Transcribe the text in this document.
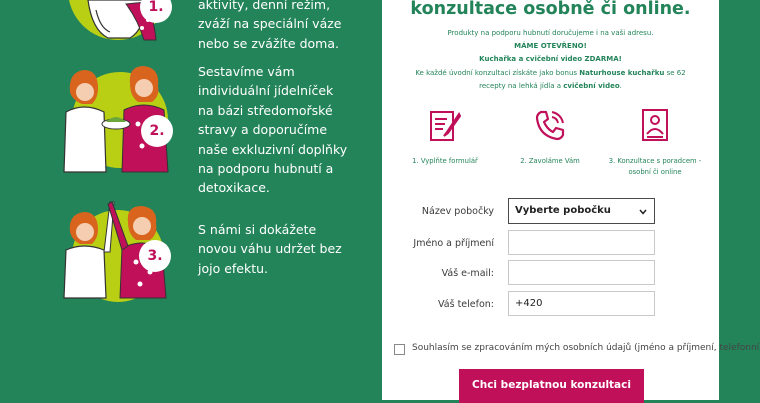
1.	aktivity, denní režim,
zváží na speciální váze
nebo se zvážíte doma.
2.
Sestavíme vám
individuální jídelníček
na bázi středomořské
stravy a doporučíme
naše exkluzivní doplňky
na podporu hubnutí a
detoxikace.
3.
S námi si dokážete
novou váhu udržet bez
jojo efektu.
konzultace osobně či online.
Produkty na podporu hubnutí doručujeme i na vaši adresu.
MÁME OTEVŘENO!
Kuchařka a cvičební video ZDARMA!
Ke každé úvodní konzultaci získáte jako bonus Naturhouse kuchařku se 62
recepty na lehká jídla a cvičební video.
1. Vyplňte formulář	2. Zavoláme Vám	3. Konzultace s poradcem -
osobní či online
Název pobočky	Vyberte pobočku
Jméno a příjmení
Váš e-mail:
Váš telefon:	+420
Souhlasím se zpracováním mých osobních údajů (jméno a příjmení, telefonní
Chci bezplatnou konzultaci
